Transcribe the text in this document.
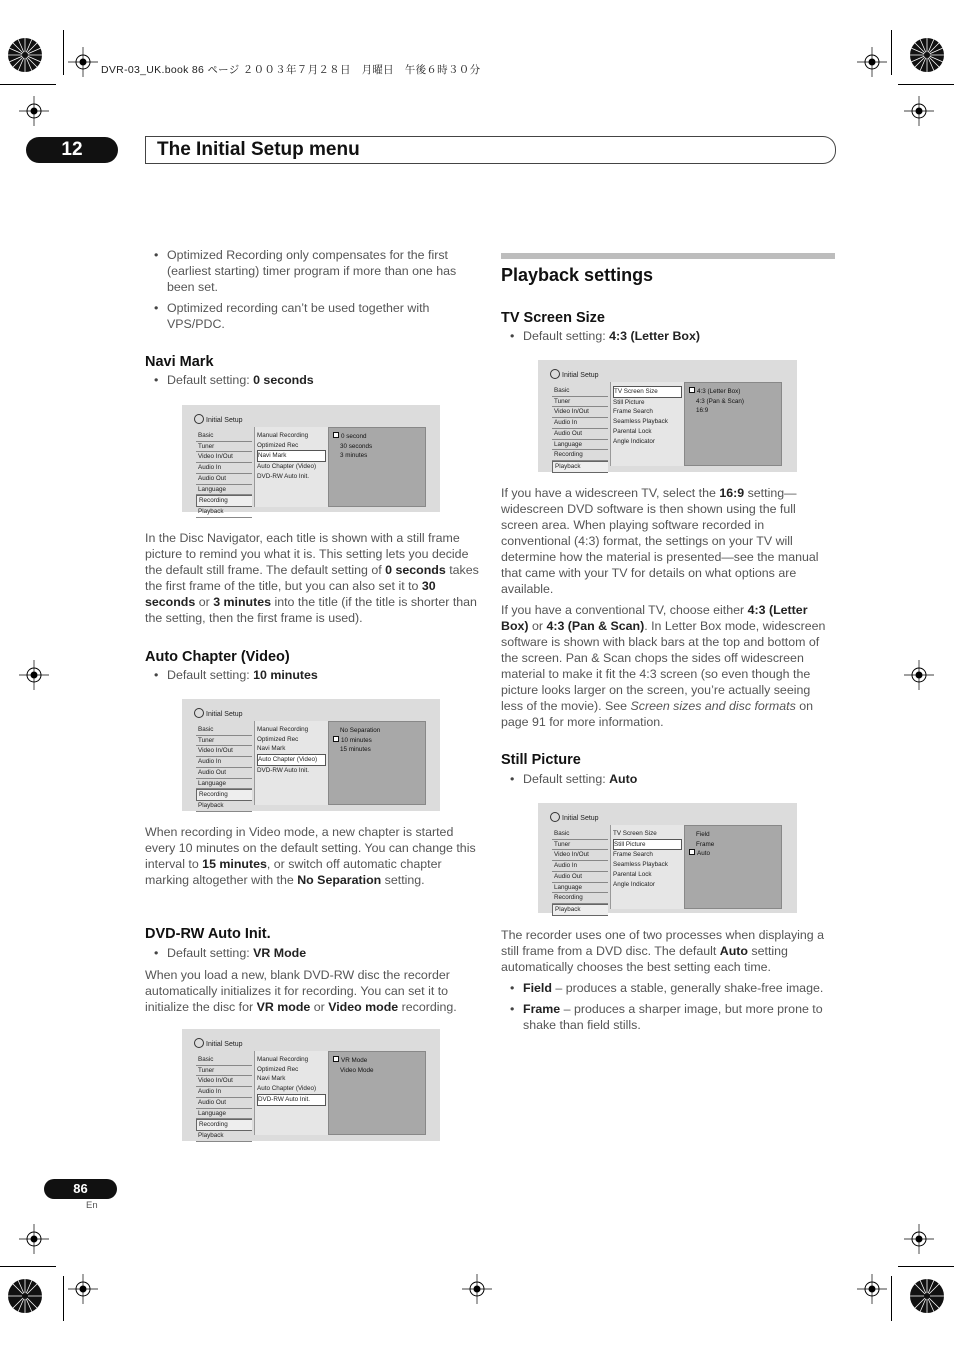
DVR-03_UK.book 86 ページ ２００３年７月２８日　月曜日　午後６時３０分
12	The Initial Setup menu
• Optimized Recording only compensates for the first (earliest starting) timer program if more than one has been set.
• Optimized recording can’t be used together with VPS/PDC.
Navi Mark
• Default setting: 0 seconds
Initial Setup
Basic
Tuner
Video In/Out
Audio In
Audio Out
Language
Recording
Playback
Manual Recording
Optimized Rec
Navi Mark
Auto Chapter (Video)
DVD-RW Auto Init.
0 second
30 seconds
3 minutes

In the Disc Navigator, each title is shown with a still frame picture to remind you what it is. This setting lets you decide the default still frame. The default setting of 0 seconds takes the first frame of the title, but you can also set it to 30 seconds or 3 minutes into the title (if the title is shorter than the setting, then the first frame is used).

Auto Chapter (Video)
• Default setting: 10 minutes
Initial Setup
Basic
Tuner
Video In/Out
Audio In
Audio Out
Language
Recording
Playback
Manual Recording
Optimized Rec
Navi Mark
Auto Chapter (Video)
DVD-RW Auto Init.
No Separation
10 minutes
15 minutes

When recording in Video mode, a new chapter is started every 10 minutes on the default setting. You can change this interval to 15 minutes, or switch off automatic chapter marking altogether with the No Separation setting.

DVD-RW Auto Init.
• Default setting: VR Mode

When you load a new, blank DVD-RW disc the recorder automatically initializes it for recording. You can set it to initialize the disc for VR mode or Video mode recording.

Initial Setup
Basic
Tuner
Video In/Out
Audio In
Audio Out
Language
Recording
Playback
Manual Recording
Optimized Rec
Navi Mark
Auto Chapter (Video)
DVD-RW Auto Init.
VR Mode
Video Mode
Playback settings
TV Screen Size
• Default setting: 4:3 (Letter Box)
Initial Setup
Basic
Tuner
Video In/Out
Audio In
Audio Out
Language
Recording
Playback
TV Screen Size
Still Picture
Frame Search
Seamless Playback
Parental Lock
Angle Indicator
4:3 (Letter Box)
4:3 (Pan & Scan)
16:9

If you have a widescreen TV, select the 16:9 setting—widescreen DVD software is then shown using the full screen area. When playing software recorded in conventional (4:3) format, the settings on your TV will determine how the material is presented—see the manual that came with your TV for details on what options are available.

If you have a conventional TV, choose either 4:3 (Letter Box) or 4:3 (Pan & Scan). In Letter Box mode, widescreen software is shown with black bars at the top and bottom of the screen. Pan & Scan chops the sides off widescreen material to make it fit the 4:3 screen (so even though the picture looks larger on the screen, you’re actually seeing less of the movie). See Screen sizes and disc formats on page 91 for more information.

Still Picture
• Default setting: Auto
Initial Setup
Basic
Tuner
Video In/Out
Audio In
Audio Out
Language
Recording
Playback
TV Screen Size
Still Picture
Frame Search
Seamless Playback
Parental Lock
Angle Indicator
Field
Frame
Auto

The recorder uses one of two processes when displaying a still frame from a DVD disc. The default Auto setting automatically chooses the best setting each time.

• Field – produces a stable, generally shake-free image.
• Frame – produces a sharper image, but more prone to shake than field stills.
86
En
